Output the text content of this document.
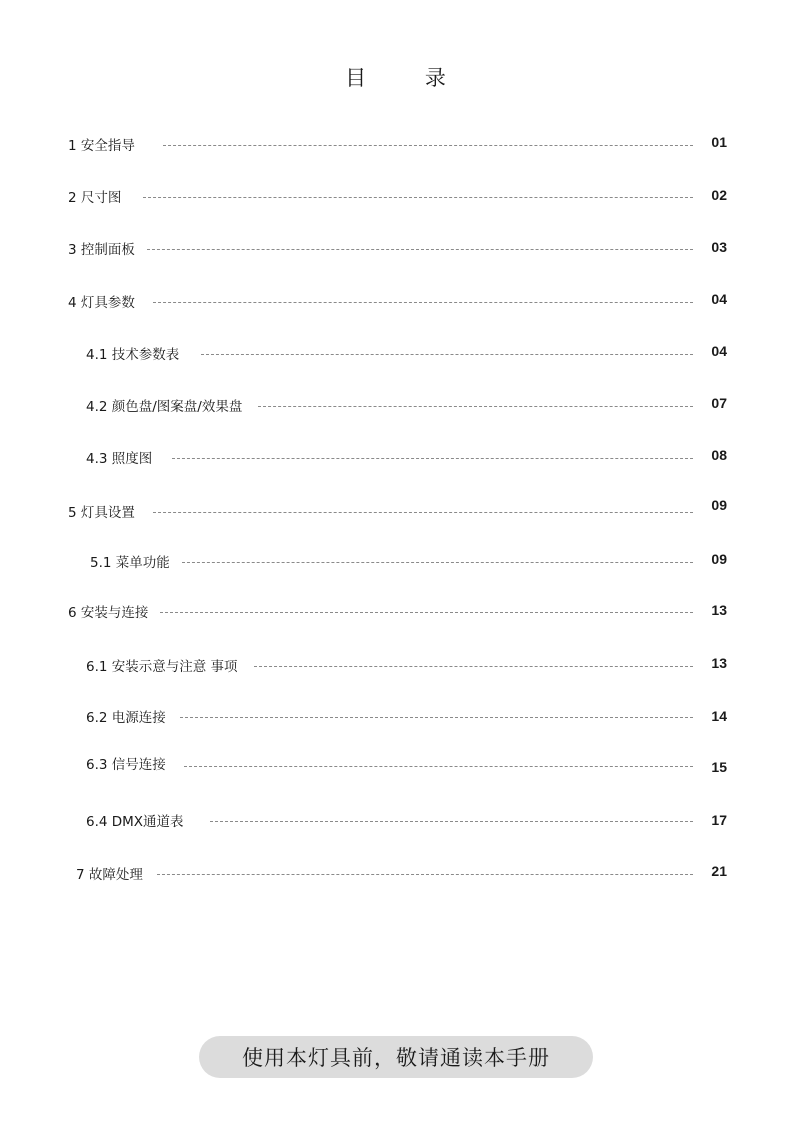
目 录
1 安全指导	01
2 尺寸图	02
3 控制面板	03
4 灯具参数	04
4.1 技术参数表	04
4.2 颜色盘/图案盘/效果盘	07
4.3 照度图	08
5 灯具设置	09
5.1 菜单功能	09
6 安装与连接	13
6.1 安装示意与注意 事项	13
6.2 电源连接	14
6.3 信号连接	15
6.4 DMX通道表	17
7 故障处理	21
使用本灯具前，敬请通读本手册
